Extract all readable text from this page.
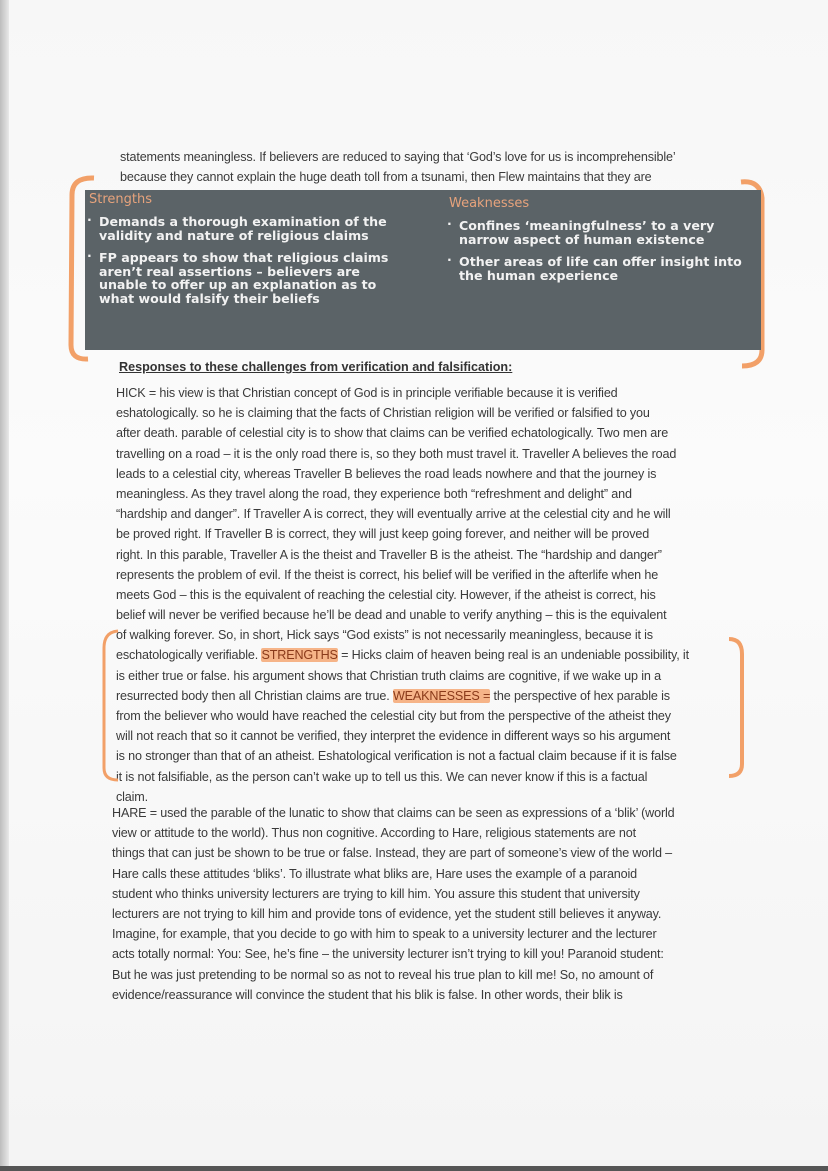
statements meaningless. If believers are reduced to saying that ‘God’s love for us is incomprehensible’
because they cannot explain the huge death toll from a tsunami, then Flew maintains that they are
Strengths
· Demands a thorough examination of the validity and nature of religious claims
· FP appears to show that religious claims aren’t real assertions – believers are unable to offer up an explanation as to what would falsify their beliefs
Weaknesses
· Confines ‘meaningfulness’ to a very narrow aspect of human existence
· Other areas of life can offer insight into the human experience
Responses to these challenges from verification and falsification:
HICK = his view is that Christian concept of God is in principle verifiable because it is verified
eshatologically. so he is claiming that the facts of Christian religion will be verified or falsified to you
after death. parable of celestial city is to show that claims can be verified echatologically. Two men are
travelling on a road – it is the only road there is, so they both must travel it. Traveller A believes the road
leads to a celestial city, whereas Traveller B believes the road leads nowhere and that the journey is
meaningless. As they travel along the road, they experience both “refreshment and delight” and
“hardship and danger”. If Traveller A is correct, they will eventually arrive at the celestial city and he will
be proved right. If Traveller B is correct, they will just keep going forever, and neither will be proved
right. In this parable, Traveller A is the theist and Traveller B is the atheist. The “hardship and danger”
represents the problem of evil. If the theist is correct, his belief will be verified in the afterlife when he
meets God – this is the equivalent of reaching the celestial city. However, if the atheist is correct, his
belief will never be verified because he’ll be dead and unable to verify anything – this is the equivalent
of walking forever. So, in short, Hick says “God exists” is not necessarily meaningless, because it is
eschatologically verifiable. STRENGTHS = Hicks claim of heaven being real is an undeniable possibility, it
is either true or false. his argument shows that Christian truth claims are cognitive, if we wake up in a
resurrected body then all Christian claims are true. WEAKNESSES = the perspective of hex parable is
from the believer who would have reached the celestial city but from the perspective of the atheist they
will not reach that so it cannot be verified, they interpret the evidence in different ways so his argument
is no stronger than that of an atheist. Eshatological verification is not a factual claim because if it is false
it is not falsifiable, as the person can’t wake up to tell us this. We can never know if this is a factual
claim.
HARE = used the parable of the lunatic to show that claims can be seen as expressions of a ‘blik’ (world
view or attitude to the world). Thus non cognitive. According to Hare, religious statements are not
things that can just be shown to be true or false. Instead, they are part of someone’s view of the world –
Hare calls these attitudes ‘bliks’. To illustrate what bliks are, Hare uses the example of a paranoid
student who thinks university lecturers are trying to kill him. You assure this student that university
lecturers are not trying to kill him and provide tons of evidence, yet the student still believes it anyway.
Imagine, for example, that you decide to go with him to speak to a university lecturer and the lecturer
acts totally normal: You: See, he’s fine – the university lecturer isn’t trying to kill you! Paranoid student:
But he was just pretending to be normal so as not to reveal his true plan to kill me! So, no amount of
evidence/reassurance will convince the student that his blik is false. In other words, their blik is
